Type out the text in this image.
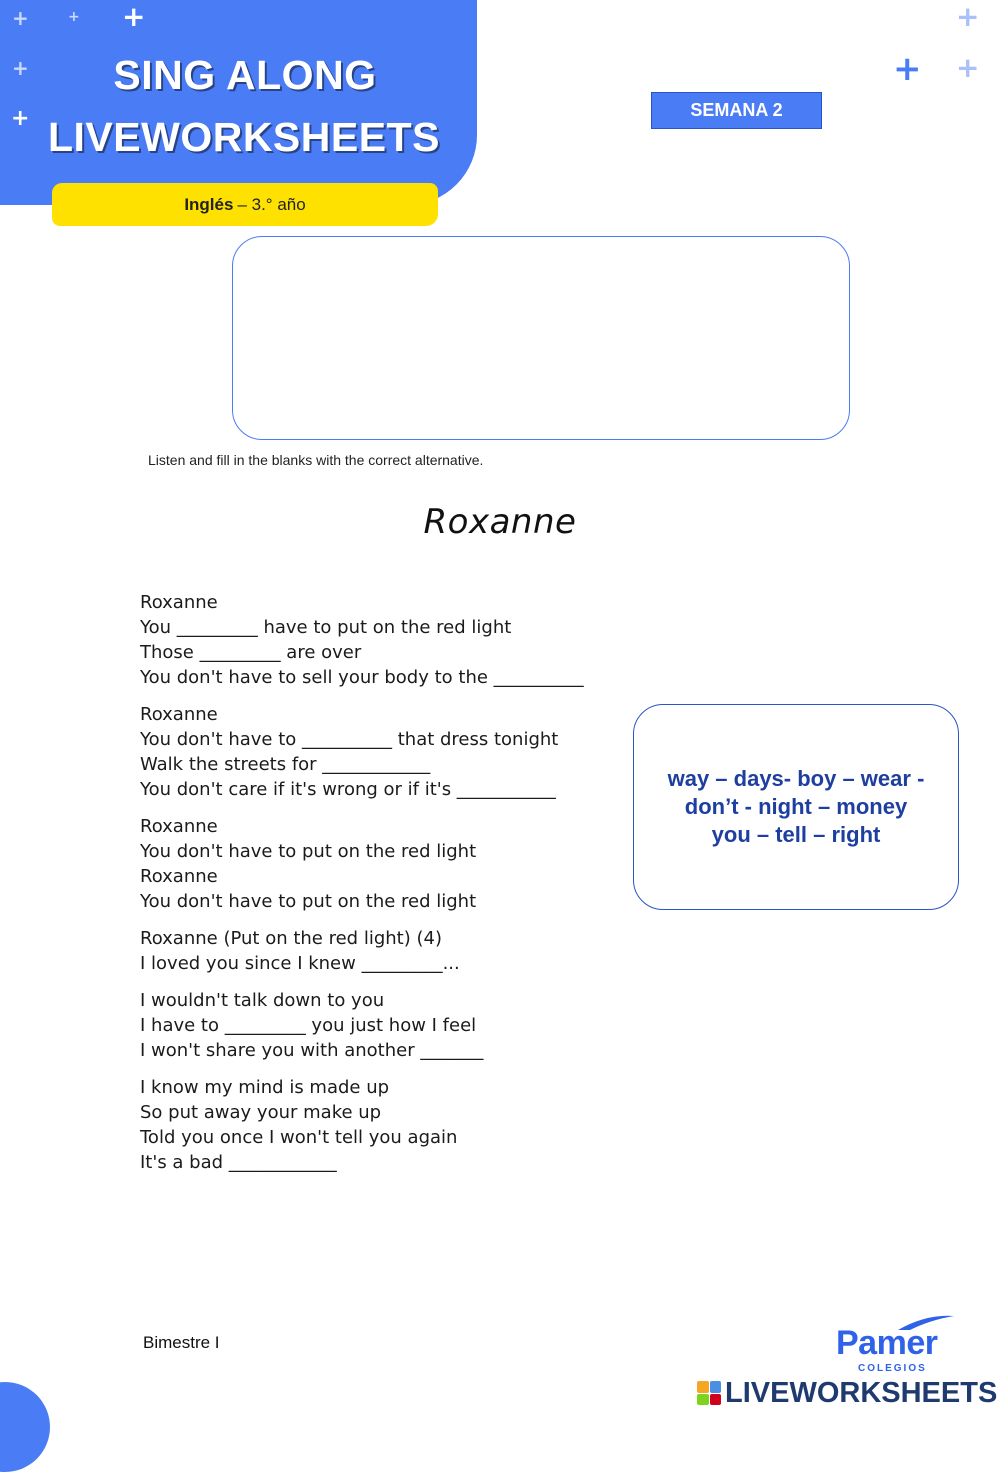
+	+ +
+
+
+
+ +
SING ALONG
LIVEWORKSHEETS
Inglés – 3.° año
SEMANA 2
Listen and fill in the blanks with the correct alternative.
Roxanne
Roxanne
You _________ have to put on the red light
Those _________ are over
You don't have to sell your body to the __________
Roxanne
You don't have to __________ that dress tonight
Walk the streets for ____________
You don't care if it's wrong or if it's ___________
Roxanne
You don't have to put on the red light
Roxanne
You don't have to put on the red light
Roxanne (Put on the red light) (4)
I loved you since I knew _________...
I wouldn't talk down to you
I have to _________ you just how I feel
I won't share you with another _______
I know my mind is made up
So put away your make up
Told you once I won't tell you again
It's a bad ____________
way – days- boy – wear -
don’t - night – money
you – tell – right
Bimestre I	Pamer
COLEGIOS
LIVEWORKSHEETS
